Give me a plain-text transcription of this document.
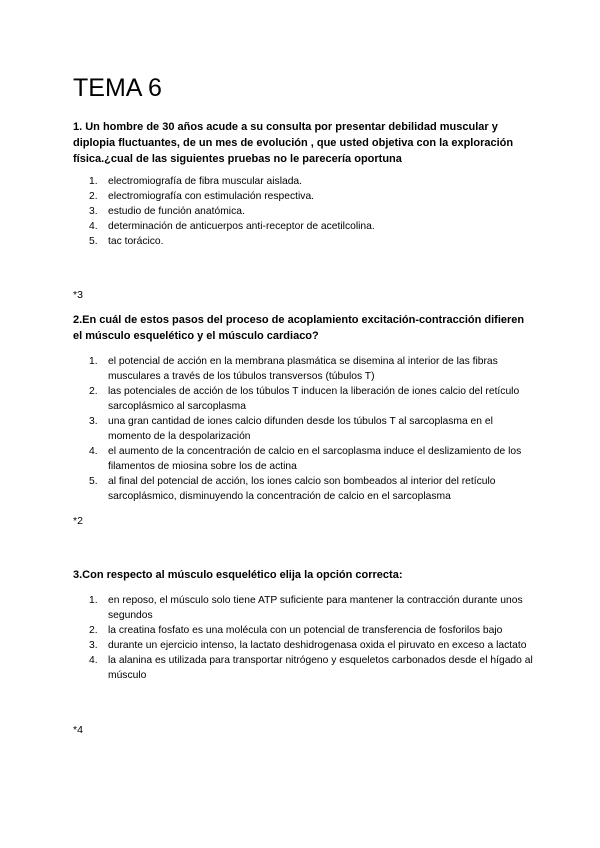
TEMA 6

1. Un hombre de 30 años acude a su consulta por presentar debilidad muscular y diplopia fluctuantes, de un mes de evolución , que usted objetiva con la exploración física.¿cual de las siguientes pruebas no le parecería oportuna

1. electromiografía de fibra muscular aislada.
2. electromiografía con estimulación respectiva.
3. estudio de función anatómica.
4. determinación de anticuerpos anti-receptor de acetilcolina.
5. tac torácico.
*3

2.En cuál de estos pasos del proceso de acoplamiento excitación-contracción difieren el músculo esquelético y el músculo cardiaco?

1. el potencial de acción en la membrana plasmática se disemina al interior de las fibras musculares a través de los túbulos transversos (túbulos T)
2. las potenciales de acción de los túbulos T inducen la liberación de iones calcio del retículo sarcoplásmico al sarcoplasma
3. una gran cantidad de iones calcio difunden desde los túbulos T al sarcoplasma en el momento de la despolarización
4. el aumento de la concentración de calcio en el sarcoplasma induce el deslizamiento de los filamentos de miosina sobre los de actina
5. al final del potencial de acción, los iones calcio son bombeados al interior del retículo sarcoplásmico, disminuyendo la concentración de calcio en el sarcoplasma
*2

3.Con respecto al músculo esquelético elija la opción correcta:

1. en reposo, el músculo solo tiene ATP suficiente para mantener la contracción durante unos segundos
2. la creatina fosfato es una molécula con un potencial de transferencia de fosforilos bajo
3. durante un ejercicio intenso, la lactato deshidrogenasa oxida el piruvato en exceso a lactato
4. la alanina es utilizada para transportar nitrógeno y esqueletos carbonados desde el hígado al músculo
*4
